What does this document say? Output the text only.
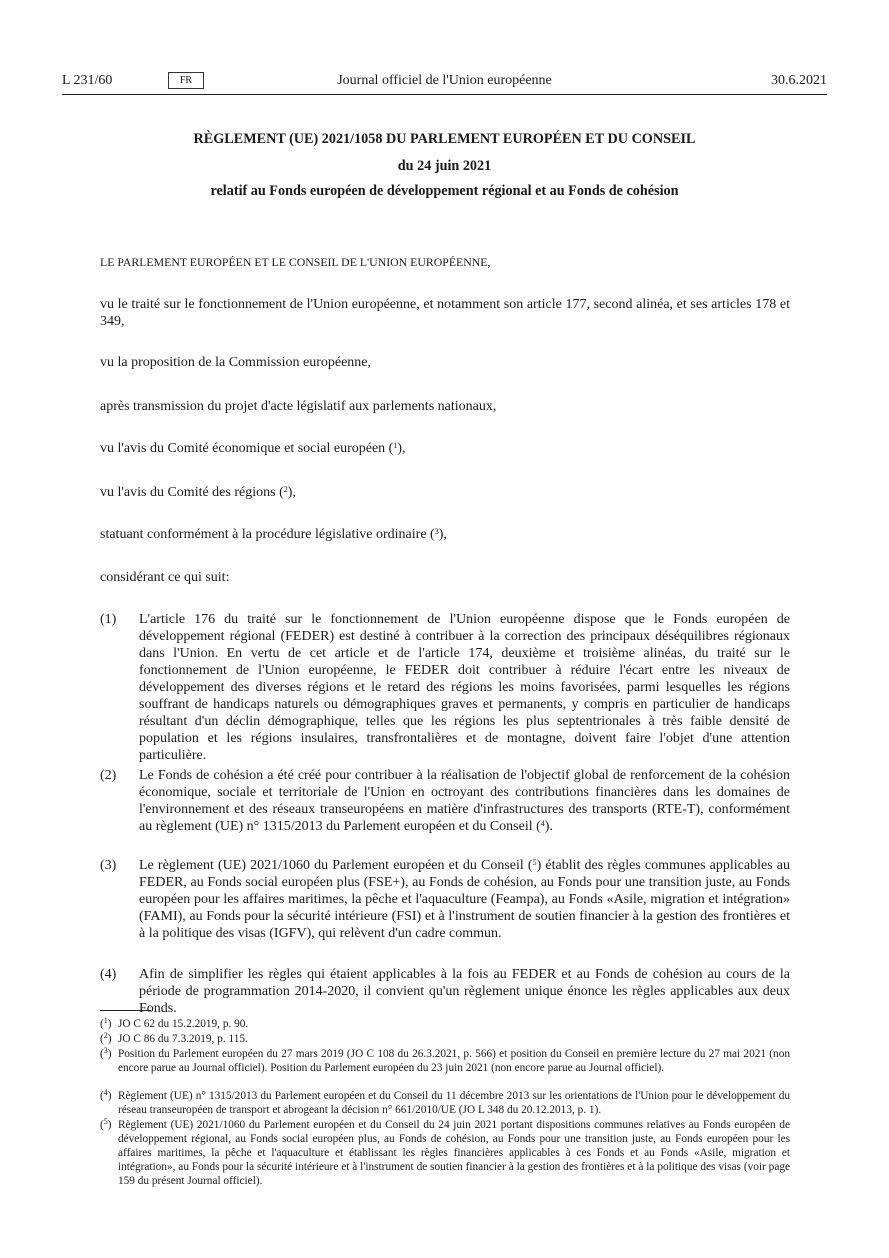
L 231/60	FR	Journal officiel de l'Union européenne	30.6.2021
RÈGLEMENT (UE) 2021/1058 DU PARLEMENT EUROPÉEN ET DU CONSEIL
du 24 juin 2021
relatif au Fonds européen de développement régional et au Fonds de cohésion
LE PARLEMENT EUROPÉEN ET LE CONSEIL DE L'UNION EUROPÉENNE,
vu le traité sur le fonctionnement de l'Union européenne, et notamment son article 177, second alinéa, et ses articles 178 et 349,
vu la proposition de la Commission européenne,
après transmission du projet d'acte législatif aux parlements nationaux,
vu l'avis du Comité économique et social européen ($^1$),
vu l'avis du Comité des régions ($^2$),
statuant conformément à la procédure législative ordinaire ($^3$),
considérant ce qui suit:
(1) L'article 176 du traité sur le fonctionnement de l'Union européenne dispose que le Fonds européen de développement régional (FEDER) est destiné à contribuer à la correction des principaux déséquilibres régionaux dans l'Union. En vertu de cet article et de l'article 174, deuxième et troisième alinéas, du traité sur le fonctionnement de l'Union européenne, le FEDER doit contribuer à réduire l'écart entre les niveaux de développement des diverses régions et le retard des régions les moins favorisées, parmi lesquelles les régions souffrant de handicaps naturels ou démographiques graves et permanents, y compris en particulier de handicaps résultant d'un déclin démographique, telles que les régions les plus septentrionales à très faible densité de population et les régions insulaires, transfrontalières et de montagne, doivent faire l'objet d'une attention particulière.
(2) Le Fonds de cohésion a été créé pour contribuer à la réalisation de l'objectif global de renforcement de la cohésion économique, sociale et territoriale de l'Union en octroyant des contributions financières dans les domaines de l'environnement et des réseaux transeuropéens en matière d'infrastructures des transports (RTE-T), conformément au règlement (UE) n° 1315/2013 du Parlement européen et du Conseil ($^4$).
(3) Le règlement (UE) 2021/1060 du Parlement européen et du Conseil ($^5$) établit des règles communes applicables au FEDER, au Fonds social européen plus (FSE+), au Fonds de cohésion, au Fonds pour une transition juste, au Fonds européen pour les affaires maritimes, la pêche et l'aquaculture (Feampa), au Fonds «Asile, migration et intégration» (FAMI), au Fonds pour la sécurité intérieure (FSI) et à l'instrument de soutien financier à la gestion des frontières et à la politique des visas (IGFV), qui relèvent d'un cadre commun.
(4) Afin de simplifier les règles qui étaient applicables à la fois au FEDER et au Fonds de cohésion au cours de la période de programmation 2014-2020, il convient qu'un règlement unique énonce les règles applicables aux deux Fonds.
($^1$) JO C 62 du 15.2.2019, p. 90.
($^2$) JO C 86 du 7.3.2019, p. 115.
($^3$) Position du Parlement européen du 27 mars 2019 (JO C 108 du 26.3.2021, p. 566) et position du Conseil en première lecture du 27 mai 2021 (non encore parue au Journal officiel). Position du Parlement européen du 23 juin 2021 (non encore parue au Journal officiel).
($^4$) Règlement (UE) n° 1315/2013 du Parlement européen et du Conseil du 11 décembre 2013 sur les orientations de l'Union pour le développement du réseau transeuropéen de transport et abrogeant la décision n° 661/2010/UE (JO L 348 du 20.12.2013, p. 1).
($^5$) Règlement (UE) 2021/1060 du Parlement européen et du Conseil du 24 juin 2021 portant dispositions communes relatives au Fonds européen de développement régional, au Fonds social européen plus, au Fonds de cohésion, au Fonds pour une transition juste, au Fonds européen pour les affaires maritimes, la pêche et l'aquaculture et établissant les règles financières applicables à ces Fonds et au Fonds «Asile, migration et intégration», au Fonds pour la sécurité intérieure et à l'instrument de soutien financier à la gestion des frontières et à la politique des visas (voir page 159 du présent Journal officiel).
